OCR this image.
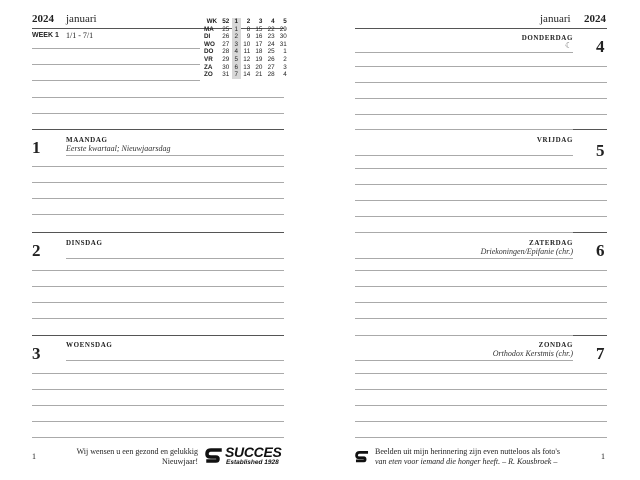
2024 januari
WEEK 1 1/1 - 7/1
WK	52	1	2	3	4	5
MA	25	1	8	15	22	29
DI	26	2	9	16	23	30
WO	27	3	10	17	24	31
DO	28	4	11	18	25	1
VR	29	5	12	19	26	2
ZA	30	6	13	20	27	3
ZO	31	7	14	21	28	4
1	MAANDAG
Eerste kwartaal; Nieuwjaarsdag
2	DINSDAG
3	WOENSDAG
1
Wij wensen u een gezond en gelukkig
Nieuwjaar!
SUCCES
Established 1928
januari 2024
DONDERDAG
☾ 4
VRIJDAG
5
ZATERDAG
Driekoningen/Epifanie (chr.) 6
ZONDAG
Orthodox Kerstmis (chr.) 7
Beelden uit mijn herinnering zijn even nutteloos als foto's
van eten voor iemand die honger heeft. – R. Kousbroek –
1
